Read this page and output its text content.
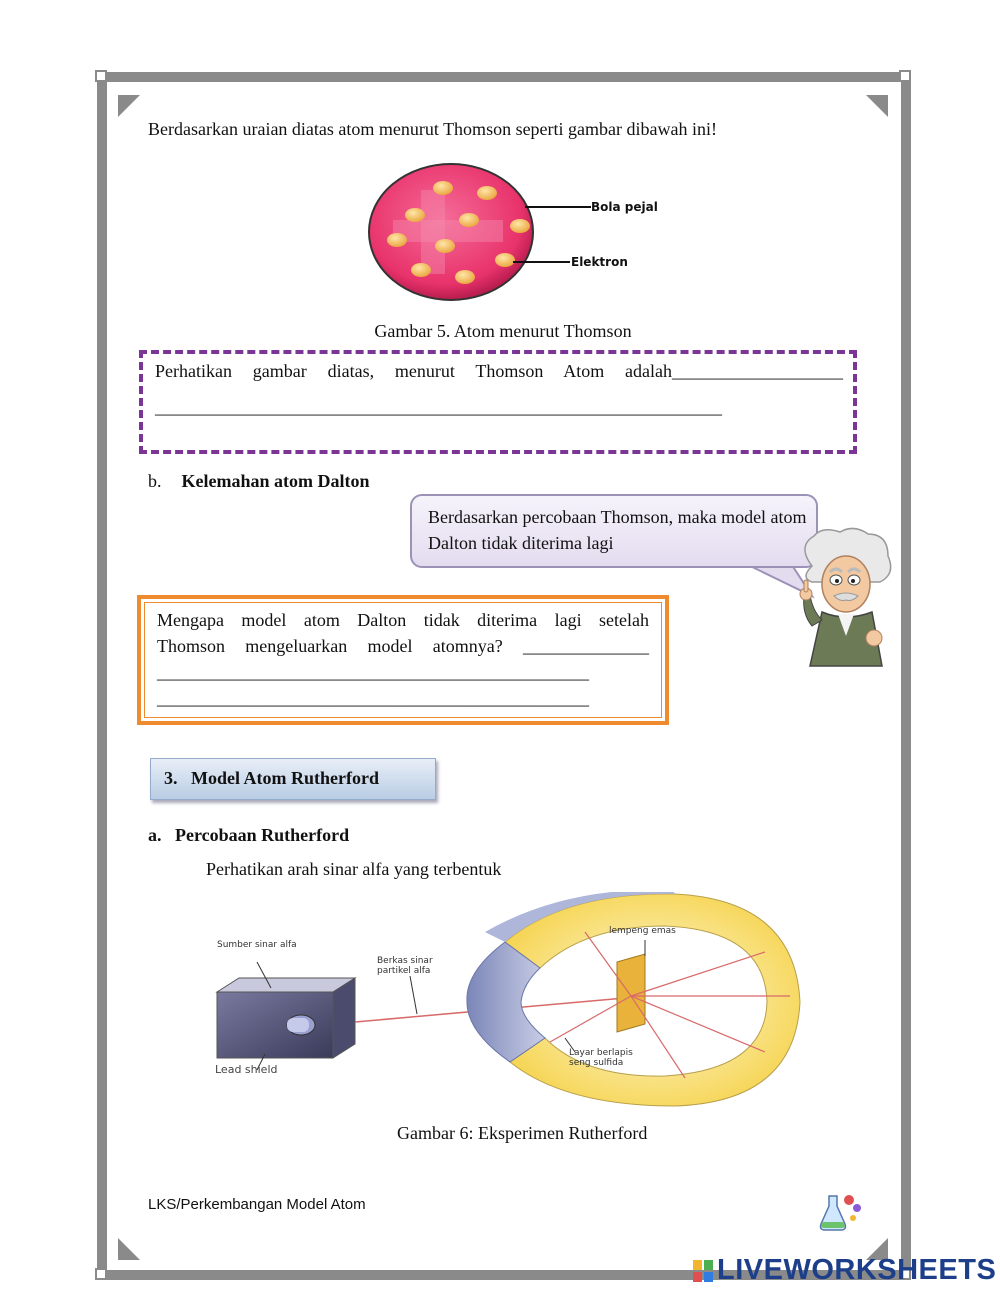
Berdasarkan uraian diatas atom menurut Thomson seperti gambar dibawah ini!
Bola pejal
Elektron
Gambar 5. Atom menurut Thomson
Perhatikan gambar diatas, menurut Thomson Atom adalah___________________
_______________________________________________________________
b. Kelemahan atom Dalton
Berdasarkan percobaan Thomson, maka model atom Dalton tidak diterima lagi
Mengapa model atom Dalton tidak diterima lagi setelah
Thomson mengeluarkan model atomnya? ______________
________________________________________________
________________________________________________
3.   Model Atom Rutherford
a.   Percobaan Rutherford
Perhatikan arah sinar alfa yang terbentuk
Sumber sinar alfa
Berkas sinar partikel alfa
lempeng emas
Layar berlapis seng sulfida
Lead shield
Gambar 6: Eksperimen Rutherford
LKS/Perkembangan Model Atom
LIVEWORKSHEETS
